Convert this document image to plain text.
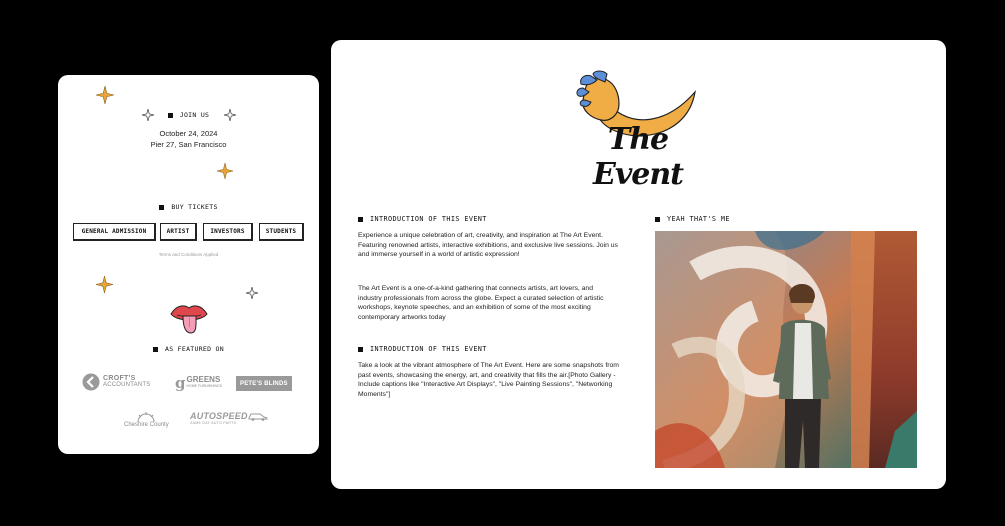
JOIN US
October 24, 2024
Pier 27, San Francisco
BUY TICKETS
GENERAL ADMISSION	ARTIST	INVESTORS	STUDENTS
Terms and Conditions Applied
AS FEATURED ON
CROFT'S
ACCOUNTANTS g GREENS
HOME FURNISHINGS	PETE'S BLINDS
Cheshire County
AUTOSPEED
SAME DAY AUTO PARTS
The Event
INTRODUCTION OF THIS EVENT
Experience a unique celebration of art, creativity, and inspiration at The Art Event. Featuring renowned artists, interactive exhibitions, and exclusive live sessions. Join us and immerse yourself in a world of artistic expression!
The Art Event is a one-of-a-kind gathering that connects artists, art lovers, and industry professionals from across the globe. Expect a curated selection of artistic workshops, keynote speeches, and an exhibition of some of the most exciting contemporary artworks today
INTRODUCTION OF THIS EVENT
Take a look at the vibrant atmosphere of The Art Event. Here are some snapshots from past events, showcasing the energy, art, and creativity that fills the air.[Photo Gallery - Include captions like "Interactive Art Displays", "Live Painting Sessions", "Networking Moments"]
YEAH THAT'S ME
